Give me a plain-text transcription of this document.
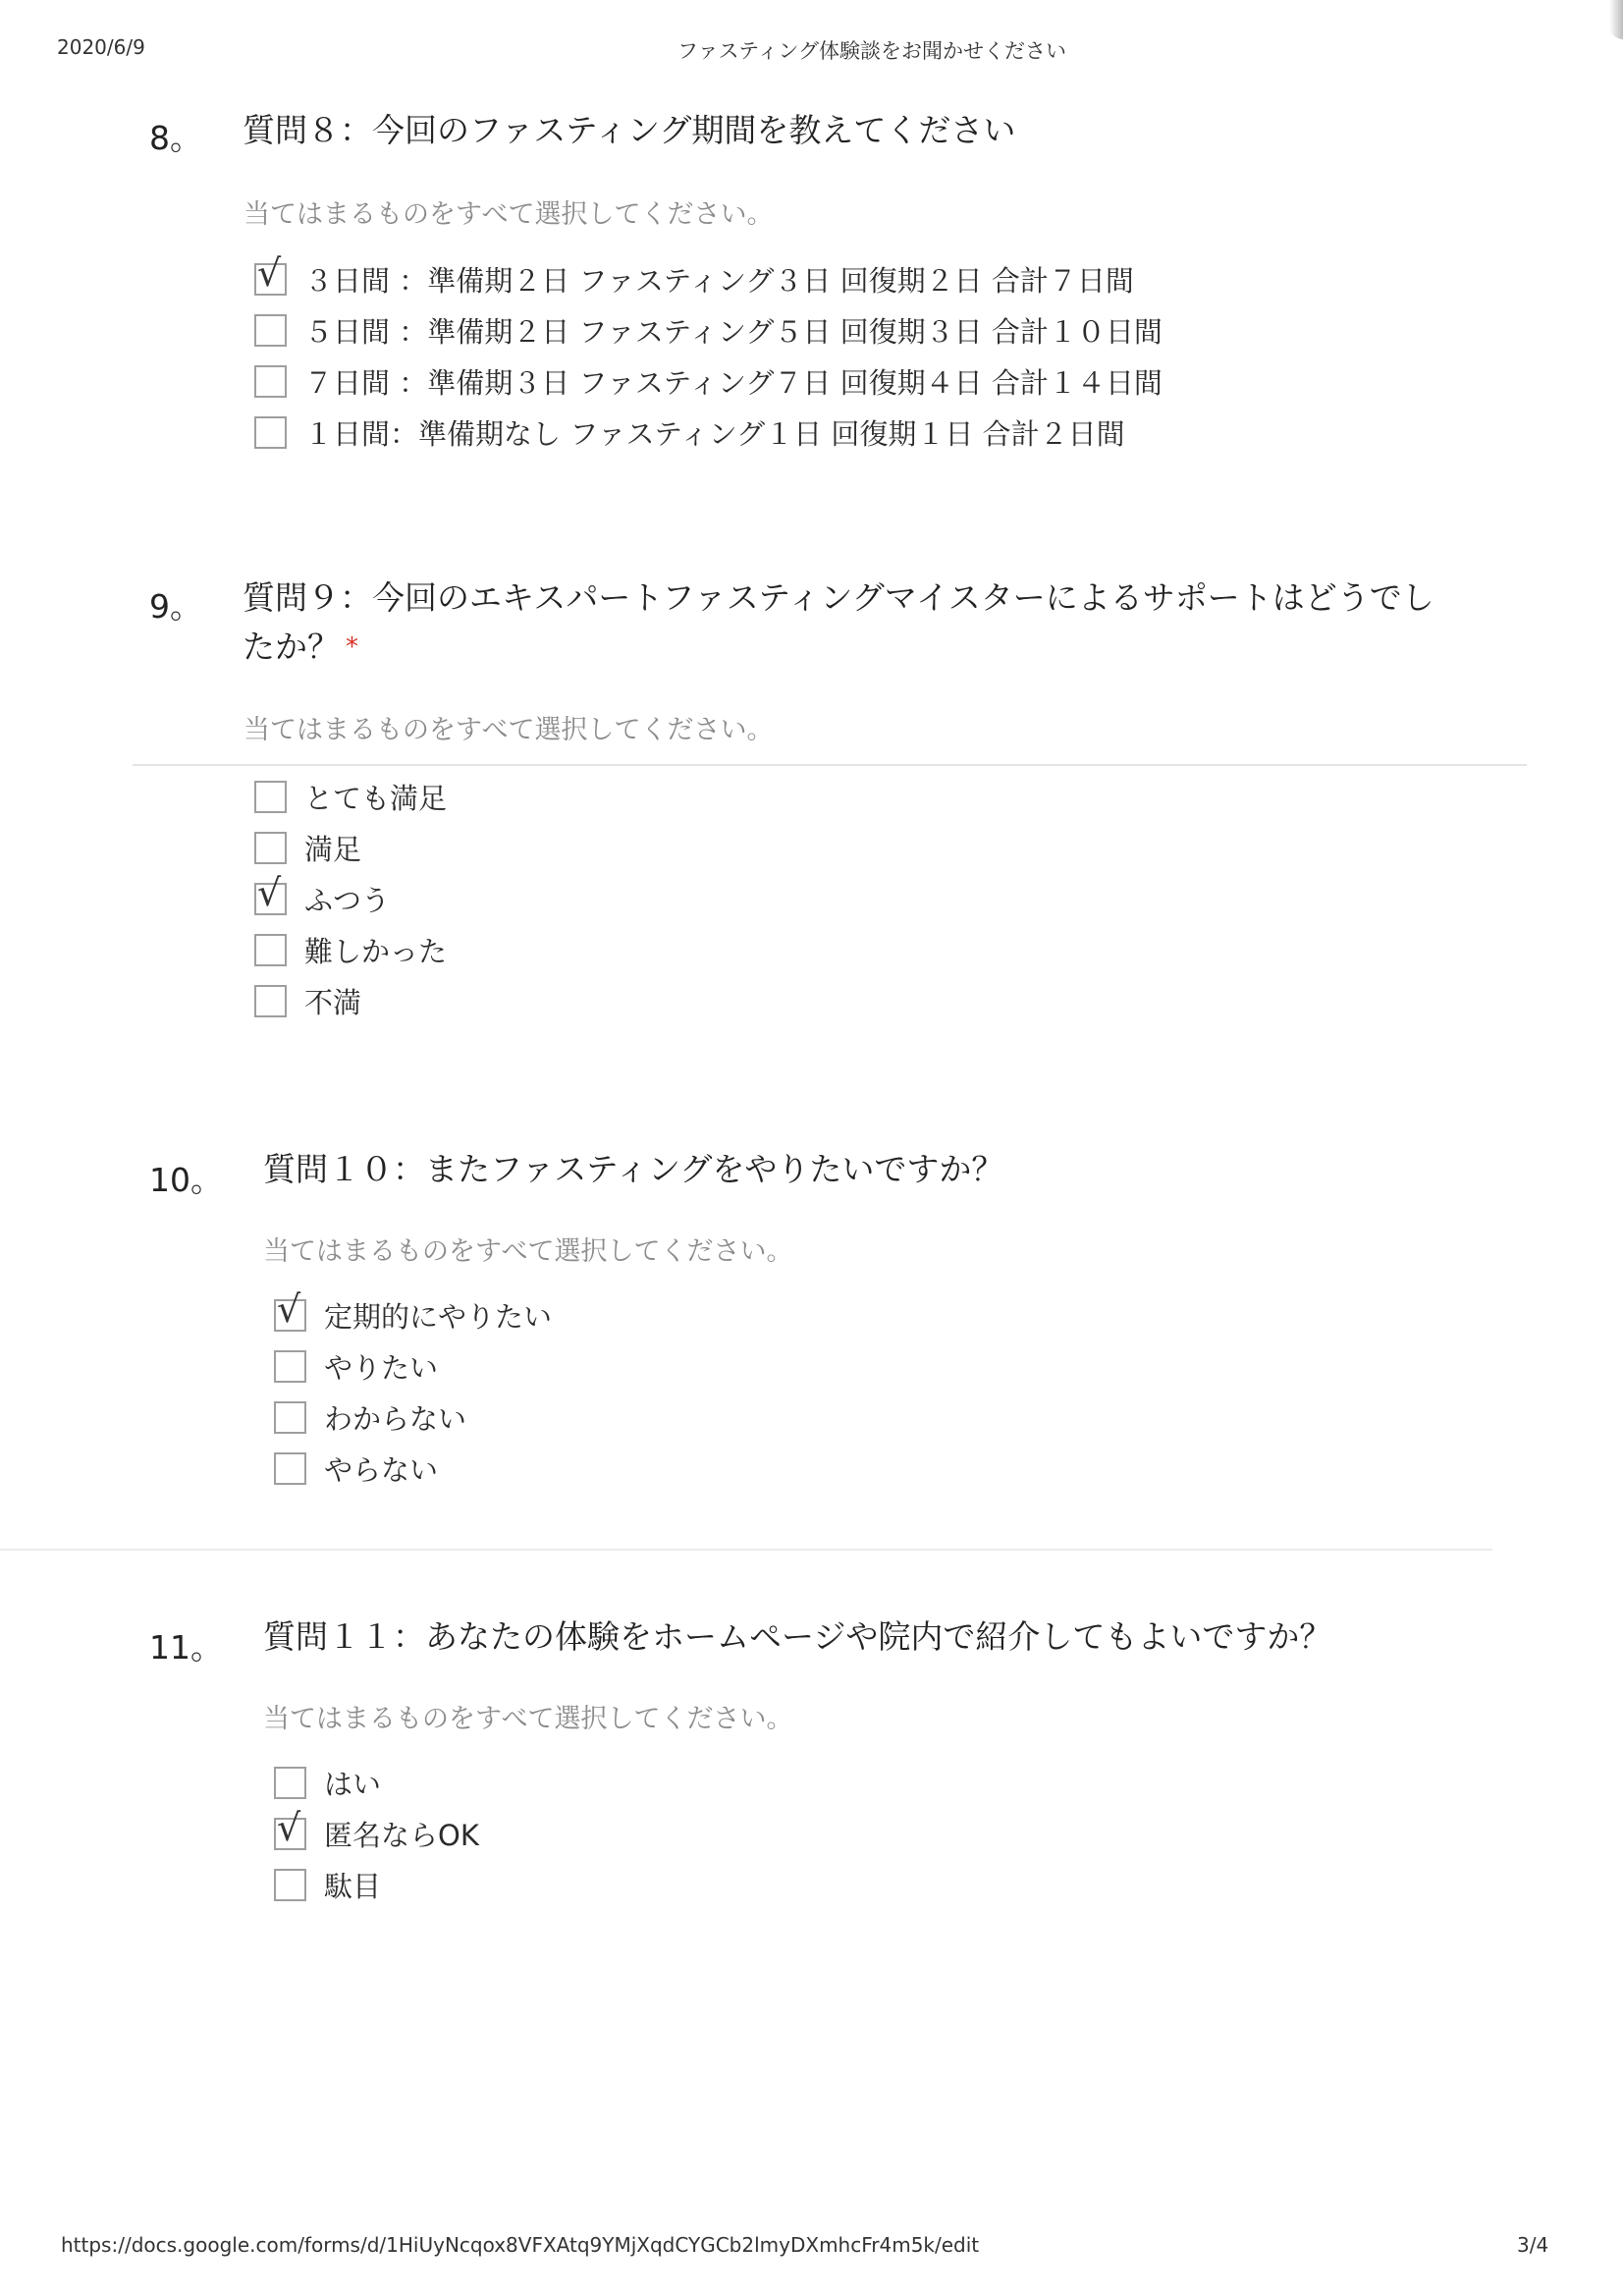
2020/6/9	ファスティング体験談をお聞かせください
8。 質問８：今回のファスティング期間を教えてください
当てはまるものをすべて選択してください。
√ ３日間 ：準備期２日 ファスティング３日 回復期２日 合計７日間
５日間 ：準備期２日 ファスティング５日 回復期３日 合計１０日間
７日間 ：準備期３日 ファスティング７日 回復期４日 合計１４日間
１日間：準備期なし ファスティング１日 回復期１日 合計２日間
9。 質問９：今回のエキスパートファスティングマイスターによるサポートはどうでしたか？ *
当てはまるものをすべて選択してください。
とても満足
満足
√ ふつう
難しかった
不満
10。 質問１０：またファスティングをやりたいですか？
当てはまるものをすべて選択してください。
√ 定期的にやりたい
やりたい
わからない
やらない
11。 質問１１：あなたの体験をホームページや院内で紹介してもよいですか？
当てはまるものをすべて選択してください。
はい
√ 匿名ならOK
駄目
https://docs.google.com/forms/d/1HiUyNcqox8VFXAtq9YMjXqdCYGCb2lmyDXmhcFr4m5k/edit	3/4
